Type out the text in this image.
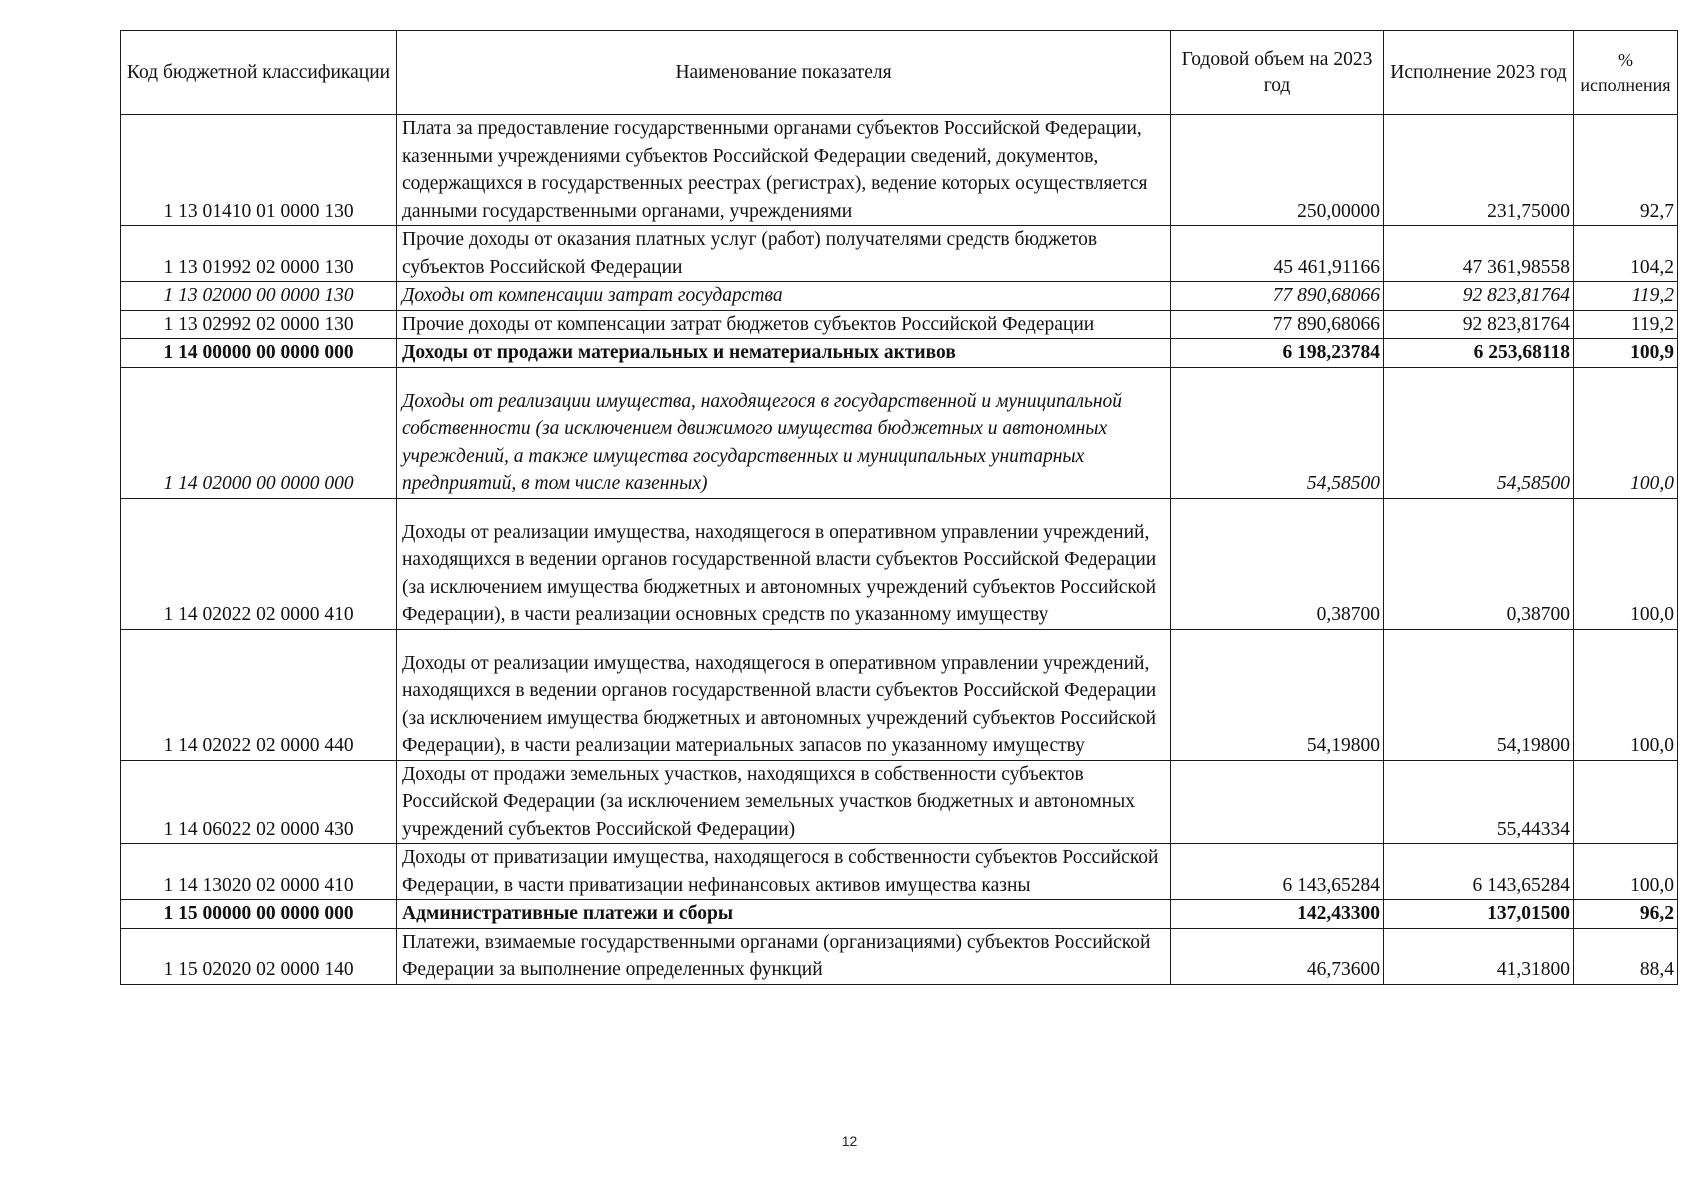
Код бюджетной классификации	Наименование показателя	Годовой объем на 2023 год	Исполнение 2023 год	% исполнения
1 13 01410 01 0000 130	Плата за предоставление государственными органами субъектов Российской Федерации, казенными учреждениями субъектов Российской Федерации сведений, документов, содержащихся в государственных реестрах (регистрах), ведение которых осуществляется данными государственными органами, учреждениями	250,00000	231,75000	92,7
1 13 01992 02 0000 130	Прочие доходы от оказания платных услуг (работ) получателями средств бюджетов субъектов Российской Федерации	45 461,91166	47 361,98558	104,2
1 13 02000 00 0000 130	Доходы от компенсации затрат государства	77 890,68066	92 823,81764	119,2
1 13 02992 02 0000 130	Прочие доходы от компенсации затрат бюджетов субъектов Российской Федерации	77 890,68066	92 823,81764	119,2
1 14 00000 00 0000 000	Доходы от продажи материальных и нематериальных активов	6 198,23784	6 253,68118	100,9
1 14 02000 00 0000 000	Доходы от реализации имущества, находящегося в государственной и муниципальной собственности (за исключением движимого имущества бюджетных и автономных учреждений, а также имущества государственных и муниципальных унитарных предприятий, в том числе казенных)	54,58500	54,58500	100,0
1 14 02022 02 0000 410	Доходы от реализации имущества, находящегося в оперативном управлении учреждений, находящихся в ведении органов государственной власти субъектов Российской Федерации (за исключением имущества бюджетных и автономных учреждений субъектов Российской Федерации), в части реализации основных средств по указанному имуществу	0,38700	0,38700	100,0
1 14 02022 02 0000 440	Доходы от реализации имущества, находящегося в оперативном управлении учреждений, находящихся в ведении органов государственной власти субъектов Российской Федерации (за исключением имущества бюджетных и автономных учреждений субъектов Российской Федерации), в части реализации материальных запасов по указанному имуществу	54,19800	54,19800	100,0
1 14 06022 02 0000 430	Доходы от продажи земельных участков, находящихся в собственности субъектов Российской Федерации (за исключением земельных участков бюджетных и автономных учреждений субъектов Российской Федерации)		55,44334	
1 14 13020 02 0000 410	Доходы от приватизации имущества, находящегося в собственности субъектов Российской Федерации, в части приватизации нефинансовых активов имущества казны	6 143,65284	6 143,65284	100,0
1 15 00000 00 0000 000	Административные платежи и сборы	142,43300	137,01500	96,2
1 15 02020 02 0000 140	Платежи, взимаемые государственными органами (организациями) субъектов Российской Федерации за выполнение определенных функций	46,73600	41,31800	88,4
12
